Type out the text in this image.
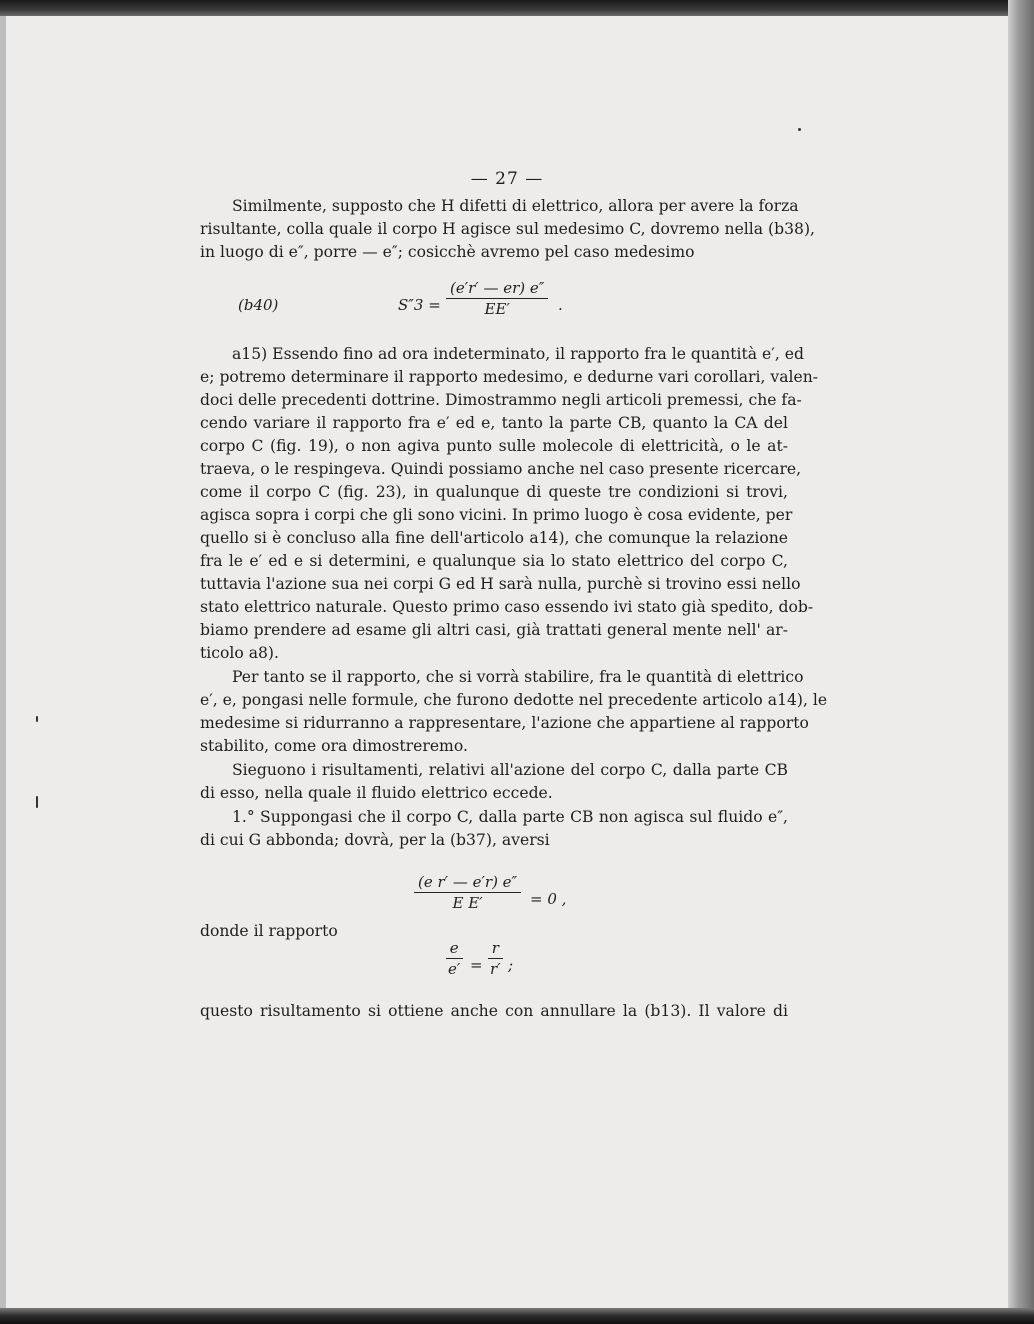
— 27 —
Similmente, supposto che H difetti di elettrico, allora per avere la forza
risultante, colla quale il corpo H agisce sul medesimo C, dovremo nella (b38),
in luogo di e″, porre — e″; cosicchè avremo pel caso medesimo
(b40)	$S''3 = \frac{(e'r' — er) e''}{EE'}$ .
a15) Essendo fino ad ora indeterminato, il rapporto fra le quantità e′, ed
e; potremo determinare il rapporto medesimo, e dedurne vari corollari, valen-
doci delle precedenti dottrine. Dimostrammo negli articoli premessi, che fa-
cendo variare il rapporto fra e′ ed e, tanto la parte CB, quanto la CA del
corpo C (fig. 19), o non agiva punto sulle molecole di elettricità, o le at-
traeva, o le respingeva. Quindi possiamo anche nel caso presente ricercare,
come il corpo C (fig. 23), in qualunque di queste tre condizioni si trovi,
agisca sopra i corpi che gli sono vicini. In primo luogo è cosa evidente, per
quello si è concluso alla fine dell'articolo a14), che comunque la relazione
fra le e′ ed e si determini, e qualunque sia lo stato elettrico del corpo C,
tuttavia l'azione sua nei corpi G ed H sarà nulla, purchè si trovino essi nello
stato elettrico naturale. Questo primo caso essendo ivi stato già spedito, dob-
biamo prendere ad esame gli altri casi, già trattati general mente nell' ar-
ticolo a8).
Per tanto se il rapporto, che si vorrà stabilire, fra le quantità di elettrico
e′, e, pongasi nelle formule, che furono dedotte nel precedente articolo a14), le
medesime si ridurranno a rappresentare, l'azione che appartiene al rapporto
stabilito, come ora dimostreremo.
Sieguono i risultamenti, relativi all'azione del corpo C, dalla parte CB
di esso, nella quale il fluido elettrico eccede.
1.° Suppongasi che il corpo C, dalla parte CB non agisca sul fluido e″,
di cui G abbonda; dovrà, per la (b37), aversi
$\frac{\text{(e r′ — e′r) e″}}{\text{E E′}} = 0$ ,
donde il rapporto
$\frac{e}{e'} = \frac{r}{r'}$ ;
questo risultamento si ottiene anche con annullare la (b13). Il valore di
